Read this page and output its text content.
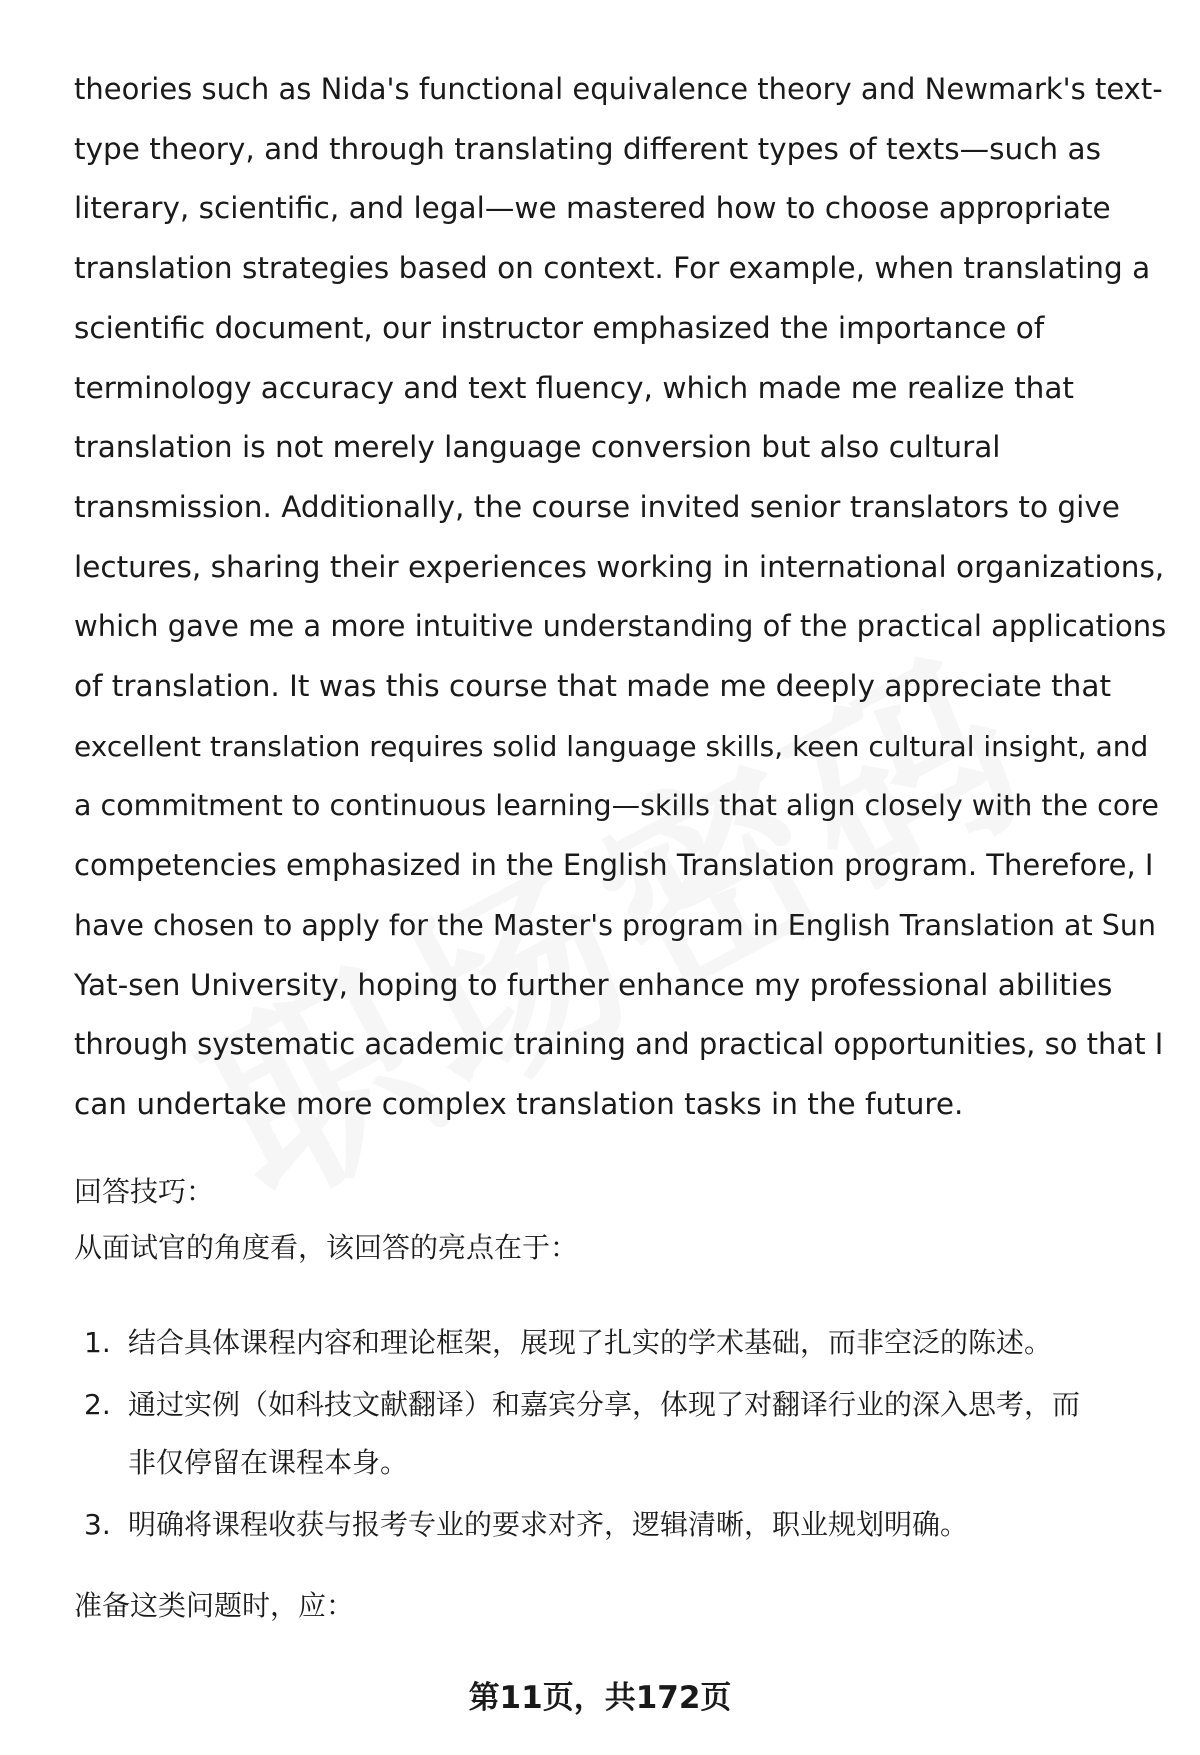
theories such as Nida's functional equivalence theory and Newmark's text-

type theory, and through translating different types of texts—such as

literary, scientific, and legal—we mastered how to choose appropriate

translation strategies based on context. For example, when translating a

scientific document, our instructor emphasized the importance of

terminology accuracy and text fluency, which made me realize that

translation is not merely language conversion but also cultural

transmission. Additionally, the course invited senior translators to give

lectures, sharing their experiences working in international organizations,

which gave me a more intuitive understanding of the practical applications

of translation. It was this course that made me deeply appreciate that

excellent translation requires solid language skills, keen cultural insight, and

a commitment to continuous learning—skills that align closely with the core

competencies emphasized in the English Translation program. Therefore, I

have chosen to apply for the Master's program in English Translation at Sun

Yat-sen University, hoping to further enhance my professional abilities

through systematic academic training and practical opportunities, so that I

can undertake more complex translation tasks in the future.

回答技巧：

从面试官的角度看，该回答的亮点在于：

1. 结合具体课程内容和理论框架，展现了扎实的学术基础，而非空泛的陈述。
2. 通过实例（如科技文献翻译）和嘉宾分享，体现了对翻译行业的深入思考，而
非仅停留在课程本身。
3. 明确将课程收获与报考专业的要求对齐，逻辑清晰，职业规划明确。

准备这类问题时，应：

第11页，共172页
